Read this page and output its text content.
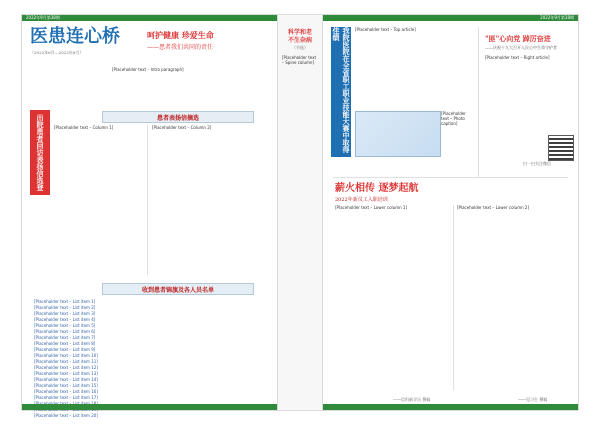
2022年9月第38期
医患连心桥
（2022年6月—2022年8月）
呵护健康 珍爱生命
——患者我们共同的责任
[Placeholder text – Intro paragraph]
出院患者回访表扬信选登	患者表扬信摘选
[Placeholder text – Column 1]	[Placeholder text – Column 2]
收到患者锦旗及各人员名单
[Placeholder text – List item 1]
[Placeholder text – List item 2]
[Placeholder text – List item 3]
[Placeholder text – List item 4]
[Placeholder text – List item 5]
[Placeholder text – List item 6]
[Placeholder text – List item 7]
[Placeholder text – List item 8]
[Placeholder text – List item 9]
[Placeholder text – List item 10]
[Placeholder text – List item 11]
[Placeholder text – List item 12]
[Placeholder text – List item 13]
[Placeholder text – List item 14]
[Placeholder text – List item 15]
[Placeholder text – List item 16]
[Placeholder text – List item 17]
[Placeholder text – List item 20]
科学和老
不生杂病
（节选）
[Placeholder text – Spine column]
2022年9月第38期
我院医院在全省职工职业技能大赛中取得佳绩	[Placeholder text – Top article]
[Placeholder text – Photo caption]
"匪"心向党 踔厉奋进
——庆祝十九大召开人民心中生命守护者
[Placeholder text – Right article]
扫一扫关注微信
薪火相传 逐梦起航
2022年新员工入职培训
[Placeholder text – Lower column 1]	[Placeholder text – Lower column 2]
——信科新学员 撰稿	——见习生 撰稿
